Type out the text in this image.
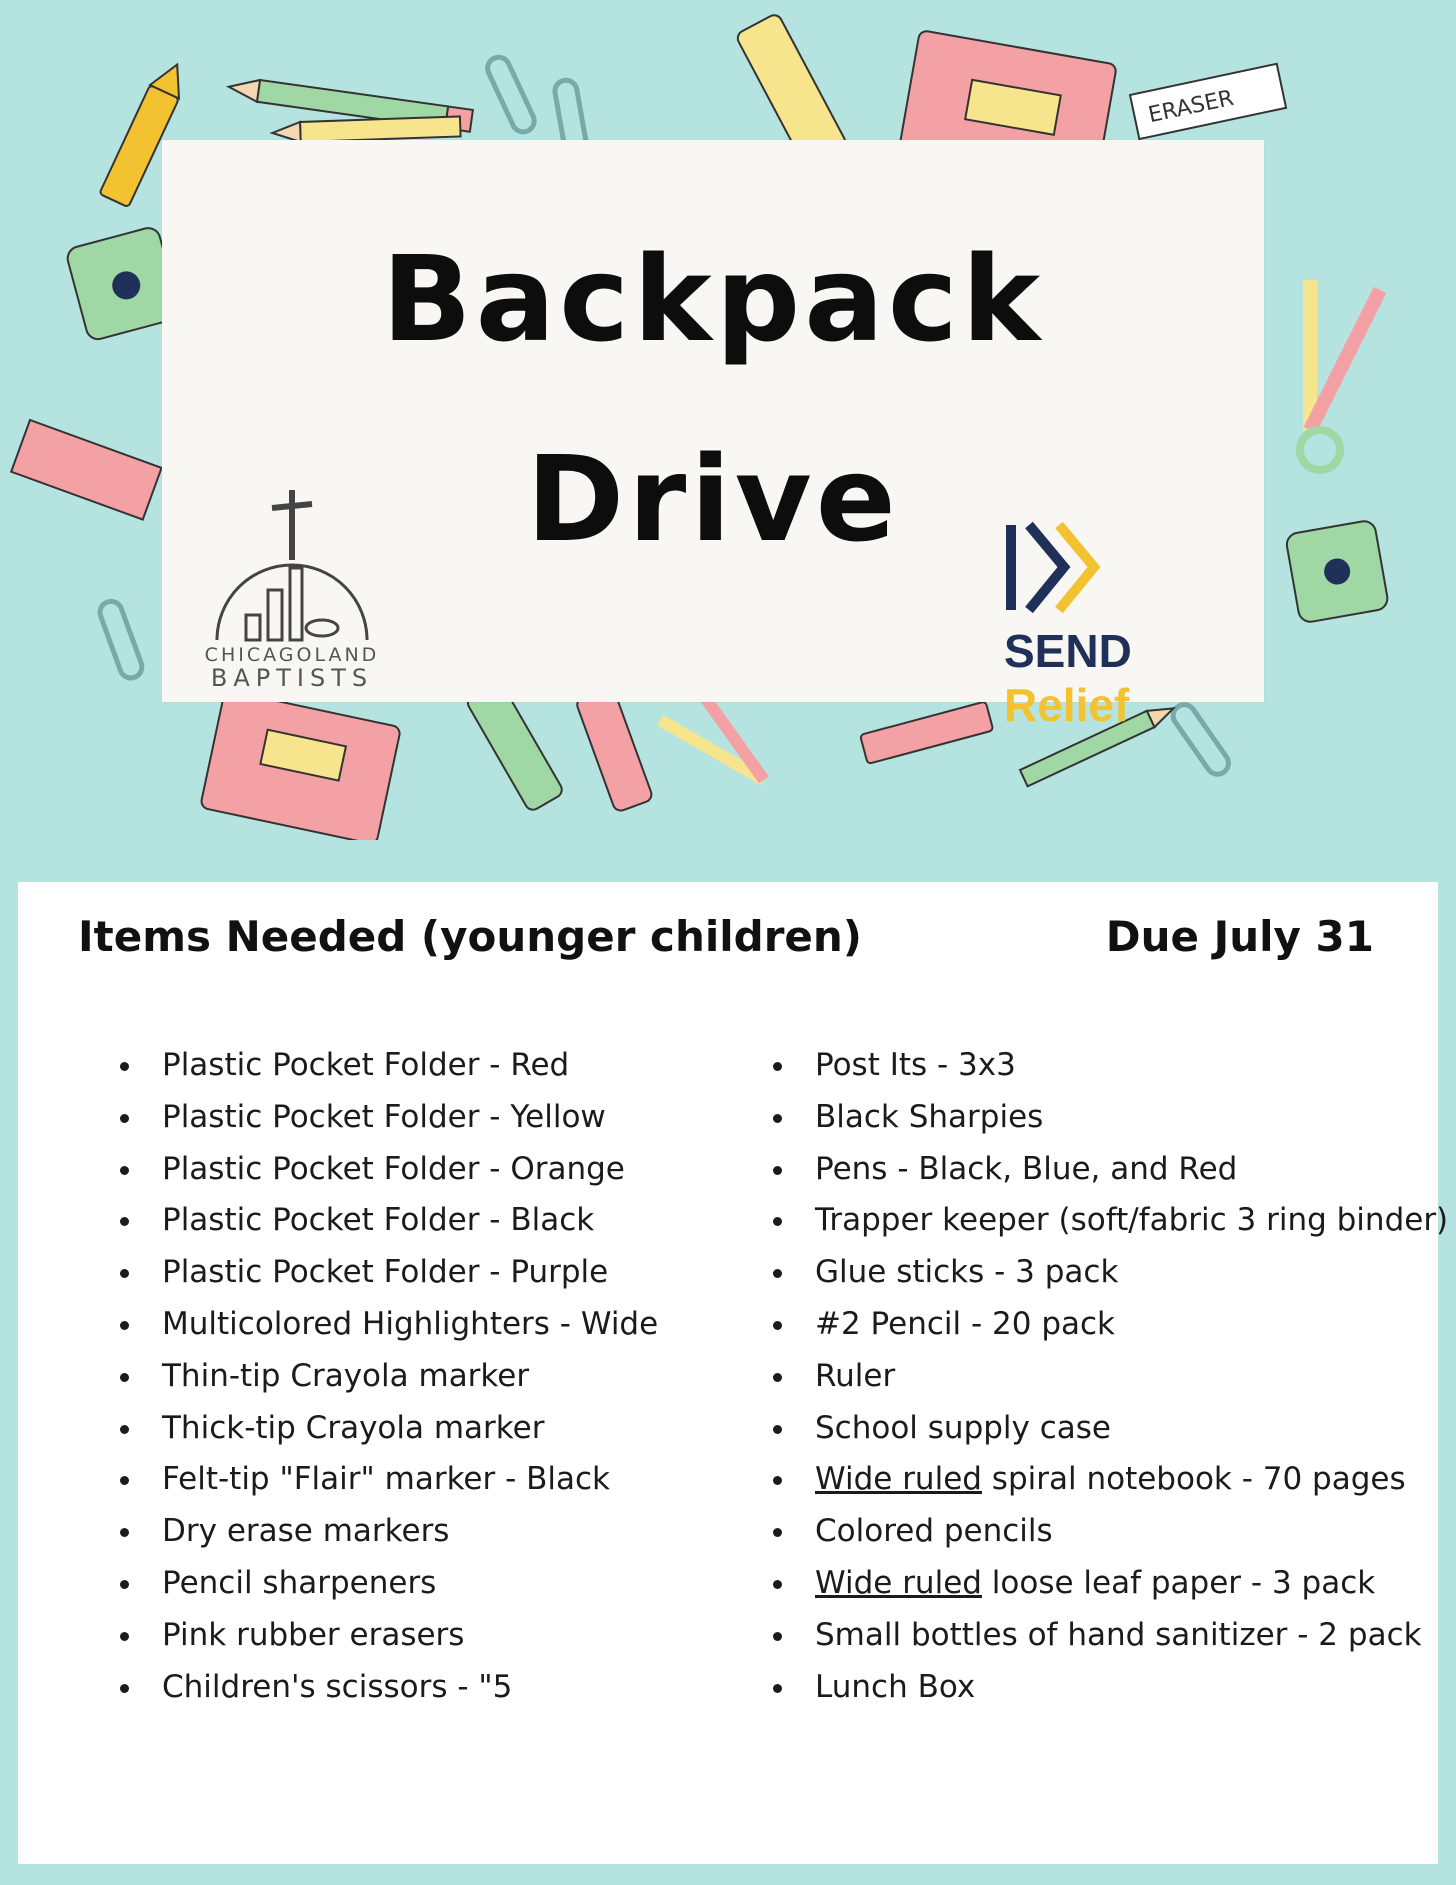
ERASER
Backpack
Drive

CHICAGOLAND

BAPTISTS

SEND Relief

Items Needed (younger children)	Due July 31
Plastic Pocket Folder - Red
Plastic Pocket Folder - Yellow
Plastic Pocket Folder - Orange
Plastic Pocket Folder - Black
Plastic Pocket Folder - Purple
Multicolored Highlighters - Wide
Thin-tip Crayola marker
Thick-tip Crayola marker
Felt-tip "Flair" marker - Black
Dry erase markers
Pencil sharpeners
Pink rubber erasers
Children's scissors - "5
Post Its - 3x3
Black Sharpies
Pens - Black, Blue, and Red
Trapper keeper (soft/fabric 3 ring binder)
Glue sticks - 3 pack
#2 Pencil - 20 pack
Ruler
School supply case
Wide ruled spiral notebook - 70 pages
Colored pencils
Wide ruled loose leaf paper - 3 pack
Small bottles of hand sanitizer - 2 pack
Lunch Box
